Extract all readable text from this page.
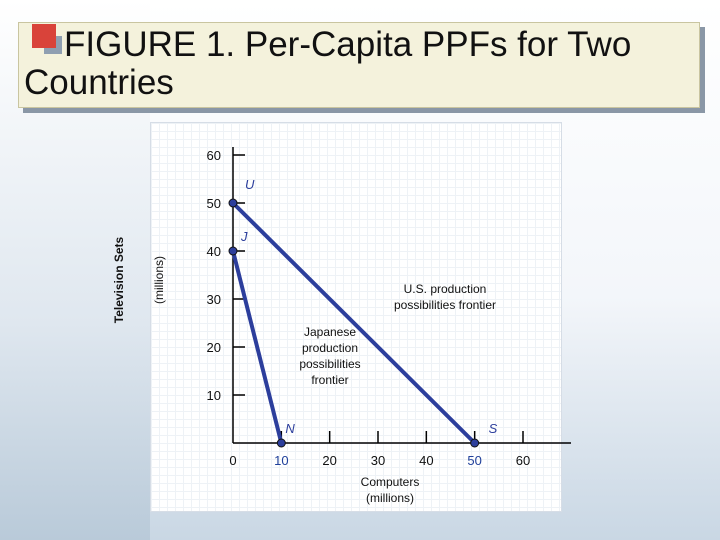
FIGURE 1. Per-Capita PPFs for Two
Countries
10
20
30
40
50
60
0	10	20	30	40	50	60
U
J
N	S
Television Sets (millions)
Computers
(millions)
U.S. production
possibilities frontier
Japanese
production
possibilities
frontier
